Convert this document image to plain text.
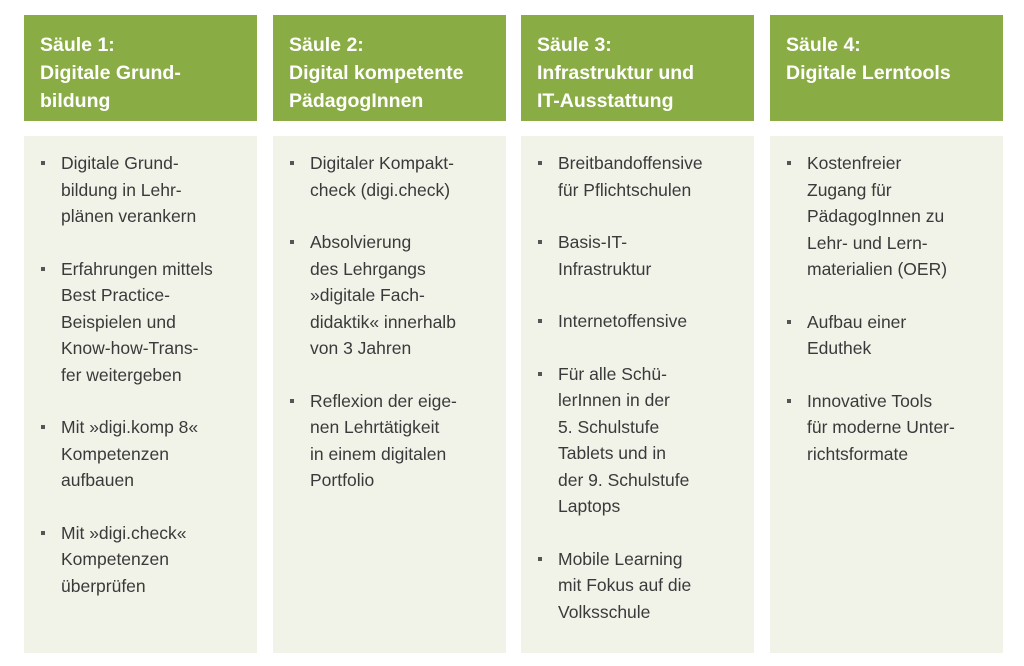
Säule 1:
Digitale Grund-
bildung
Digitale Grund-
bildung in Lehr-
plänen verankern
Erfahrungen mittels
Best Practice-
Beispielen und
Know-how-Trans-
fer weitergeben
Mit »digi.komp 8«
Kompetenzen
aufbauen
Mit »digi.check«
Kompetenzen
überprüfen
Säule 2:
Digital kompetente
PädagogInnen
Digitaler Kompakt-
check (digi.check)
Absolvierung
des Lehrgangs
»digitale Fach-
didaktik« innerhalb
von 3 Jahren
Reflexion der eige-
nen Lehrtätigkeit
in einem digitalen
Portfolio
Säule 3:
Infrastruktur und
IT-Ausstattung
Breitbandoffensive
für Pflichtschulen
Basis-IT-
Infrastruktur
Internetoffensive
Für alle Schü-
lerInnen in der
5. Schulstufe
Tablets und in
der 9. Schulstufe
Laptops
Mobile Learning
mit Fokus auf die
Volksschule
Säule 4:
Digitale Lerntools
Kostenfreier
Zugang für
PädagogInnen zu
Lehr- und Lern-
materialien (OER)
Aufbau einer
Eduthek
Innovative Tools
für moderne Unter-
richtsformate
